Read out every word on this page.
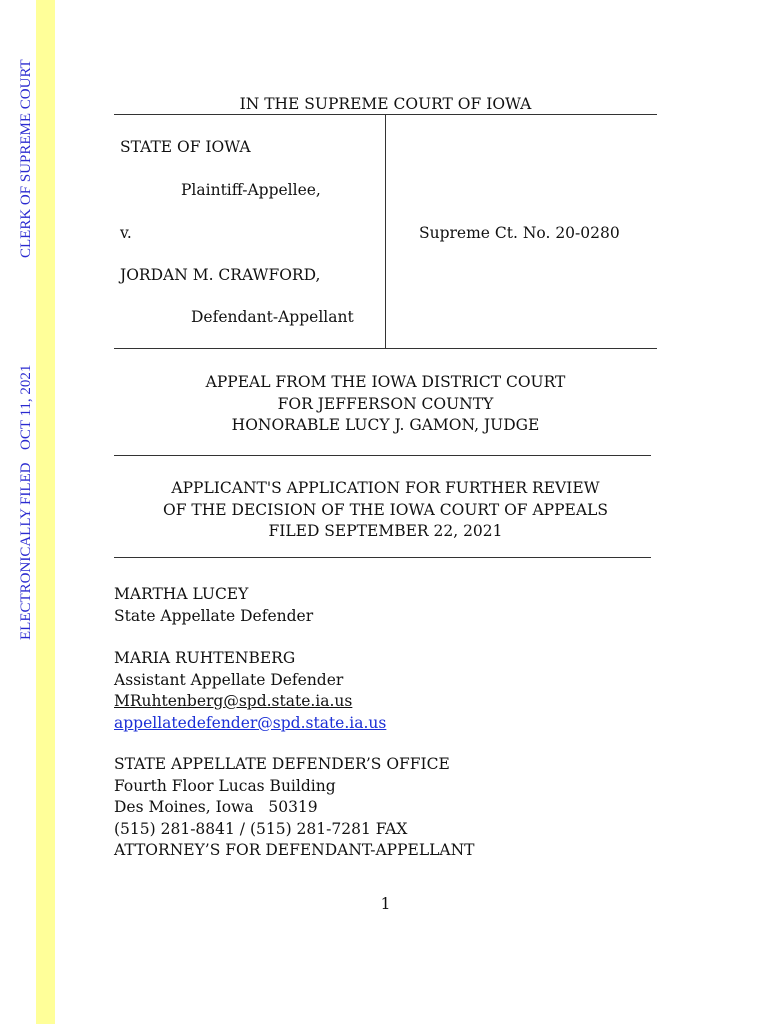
ELECTRONICALLY FILEDOCT 11, 2021CLERK OF SUPREME COURT	IN THE SUPREME COURT OF IOWA
STATE OF IOWA
Plaintiff-Appellee,
v.
JORDAN M. CRAWFORD,
Defendant-Appellant
Supreme Ct. No. 20-0280
APPEAL FROM THE IOWA DISTRICT COURT
FOR JEFFERSON COUNTY
HONORABLE LUCY J. GAMON, JUDGE
APPLICANT'S APPLICATION FOR FURTHER REVIEW
OF THE DECISION OF THE IOWA COURT OF APPEALS
FILED SEPTEMBER 22, 2021
MARTHA LUCEY
State Appellate Defender
MARIA RUHTENBERG
Assistant Appellate Defender
MRuhtenberg@spd.state.ia.us
appellatedefender@spd.state.ia.us
STATE APPELLATE DEFENDER’S OFFICE
Fourth Floor Lucas Building
Des Moines, Iowa   50319
(515) 281-8841 / (515) 281-7281 FAX
ATTORNEY’S FOR DEFENDANT-APPELLANT
1
